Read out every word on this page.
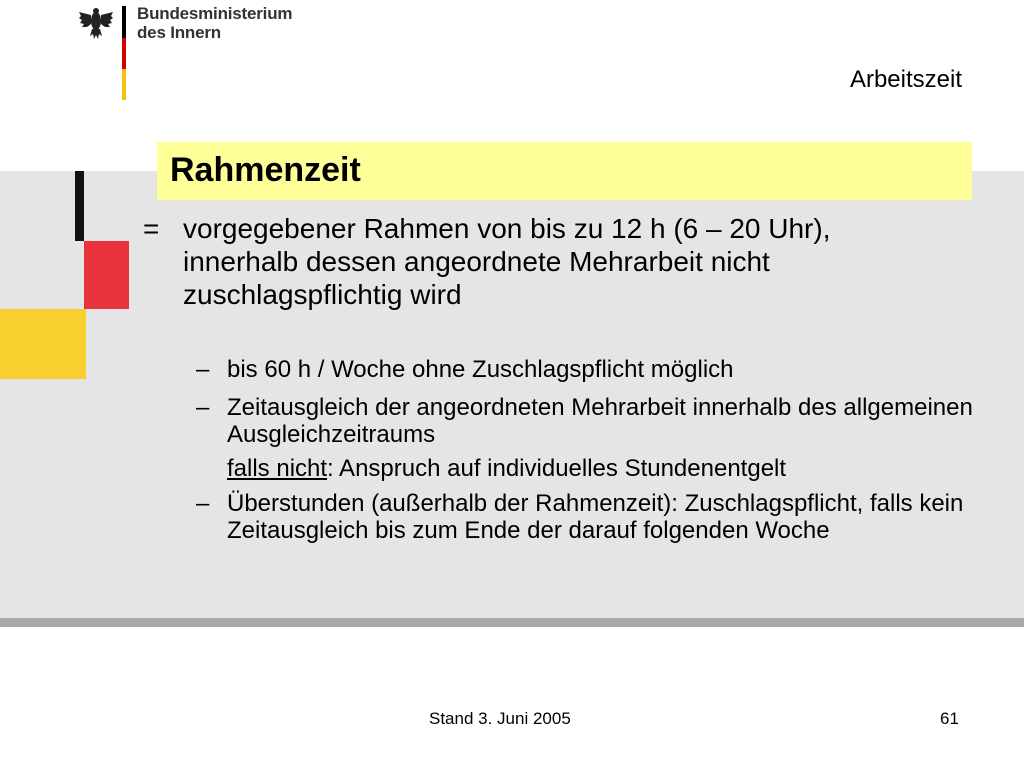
Bundesministerium
des Innern
Arbeitszeit
Rahmenzeit
= vorgegebener Rahmen von bis zu 12 h (6 – 20 Uhr), innerhalb dessen angeordnete Mehrarbeit nicht zuschlagspflichtig wird
– bis 60 h / Woche ohne Zuschlagspflicht möglich
– Zeitausgleich der angeordneten Mehrarbeit innerhalb des allgemeinen Ausgleichzeitraums
falls nicht: Anspruch auf individuelles Stundenentgelt
– Überstunden (außerhalb der Rahmenzeit): Zuschlagspflicht, falls kein Zeitausgleich bis zum Ende der darauf folgenden Woche
Stand 3. Juni 2005	61
